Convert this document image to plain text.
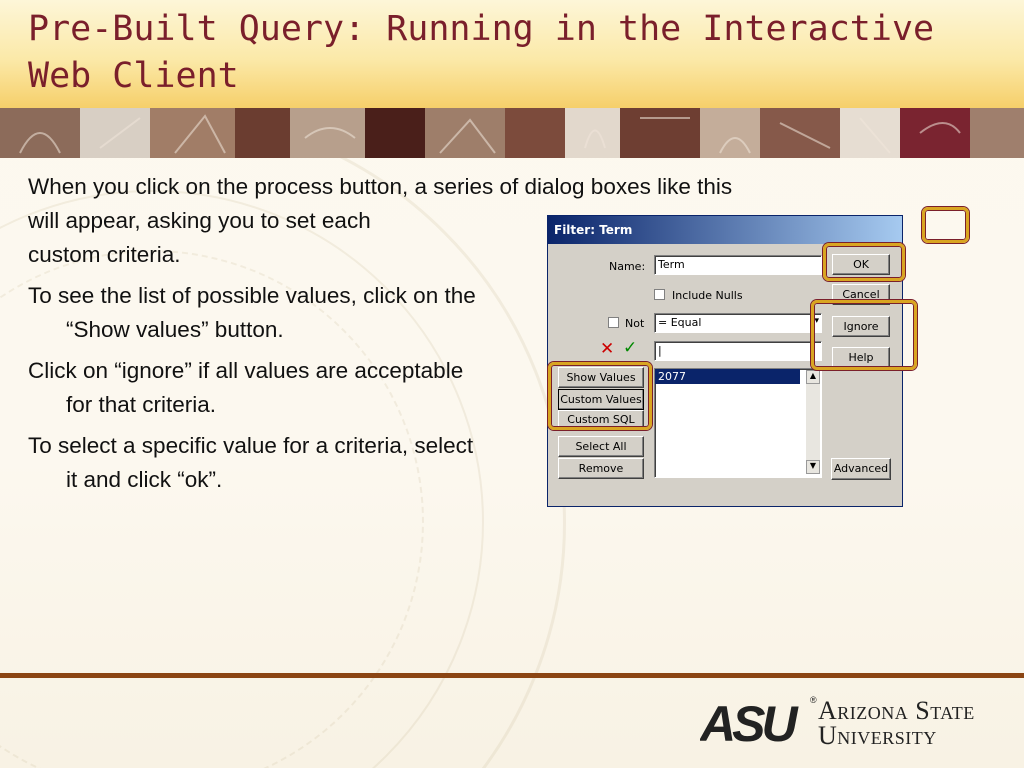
Pre-Built Query: Running in the Interactive Web Client

When you click on the process button, a series of dialog boxes like this
will appear, asking you to set each
custom criteria.

To see the list of possible values, click on the “Show values” button.

Click on “ignore” if all values are acceptable for that criteria.

To select a specific value for a criteria, select it and click “ok”.

Filter: Term
Name:	Term
Include Nulls
Not	= Equal	▾
✕ ✓	|
2077	▲
▼
OK
Cancel
Ignore
Help
Show Values
Custom Values
Custom SQL
Select All
Remove	Advanced
ASU	® Arizona State
University
